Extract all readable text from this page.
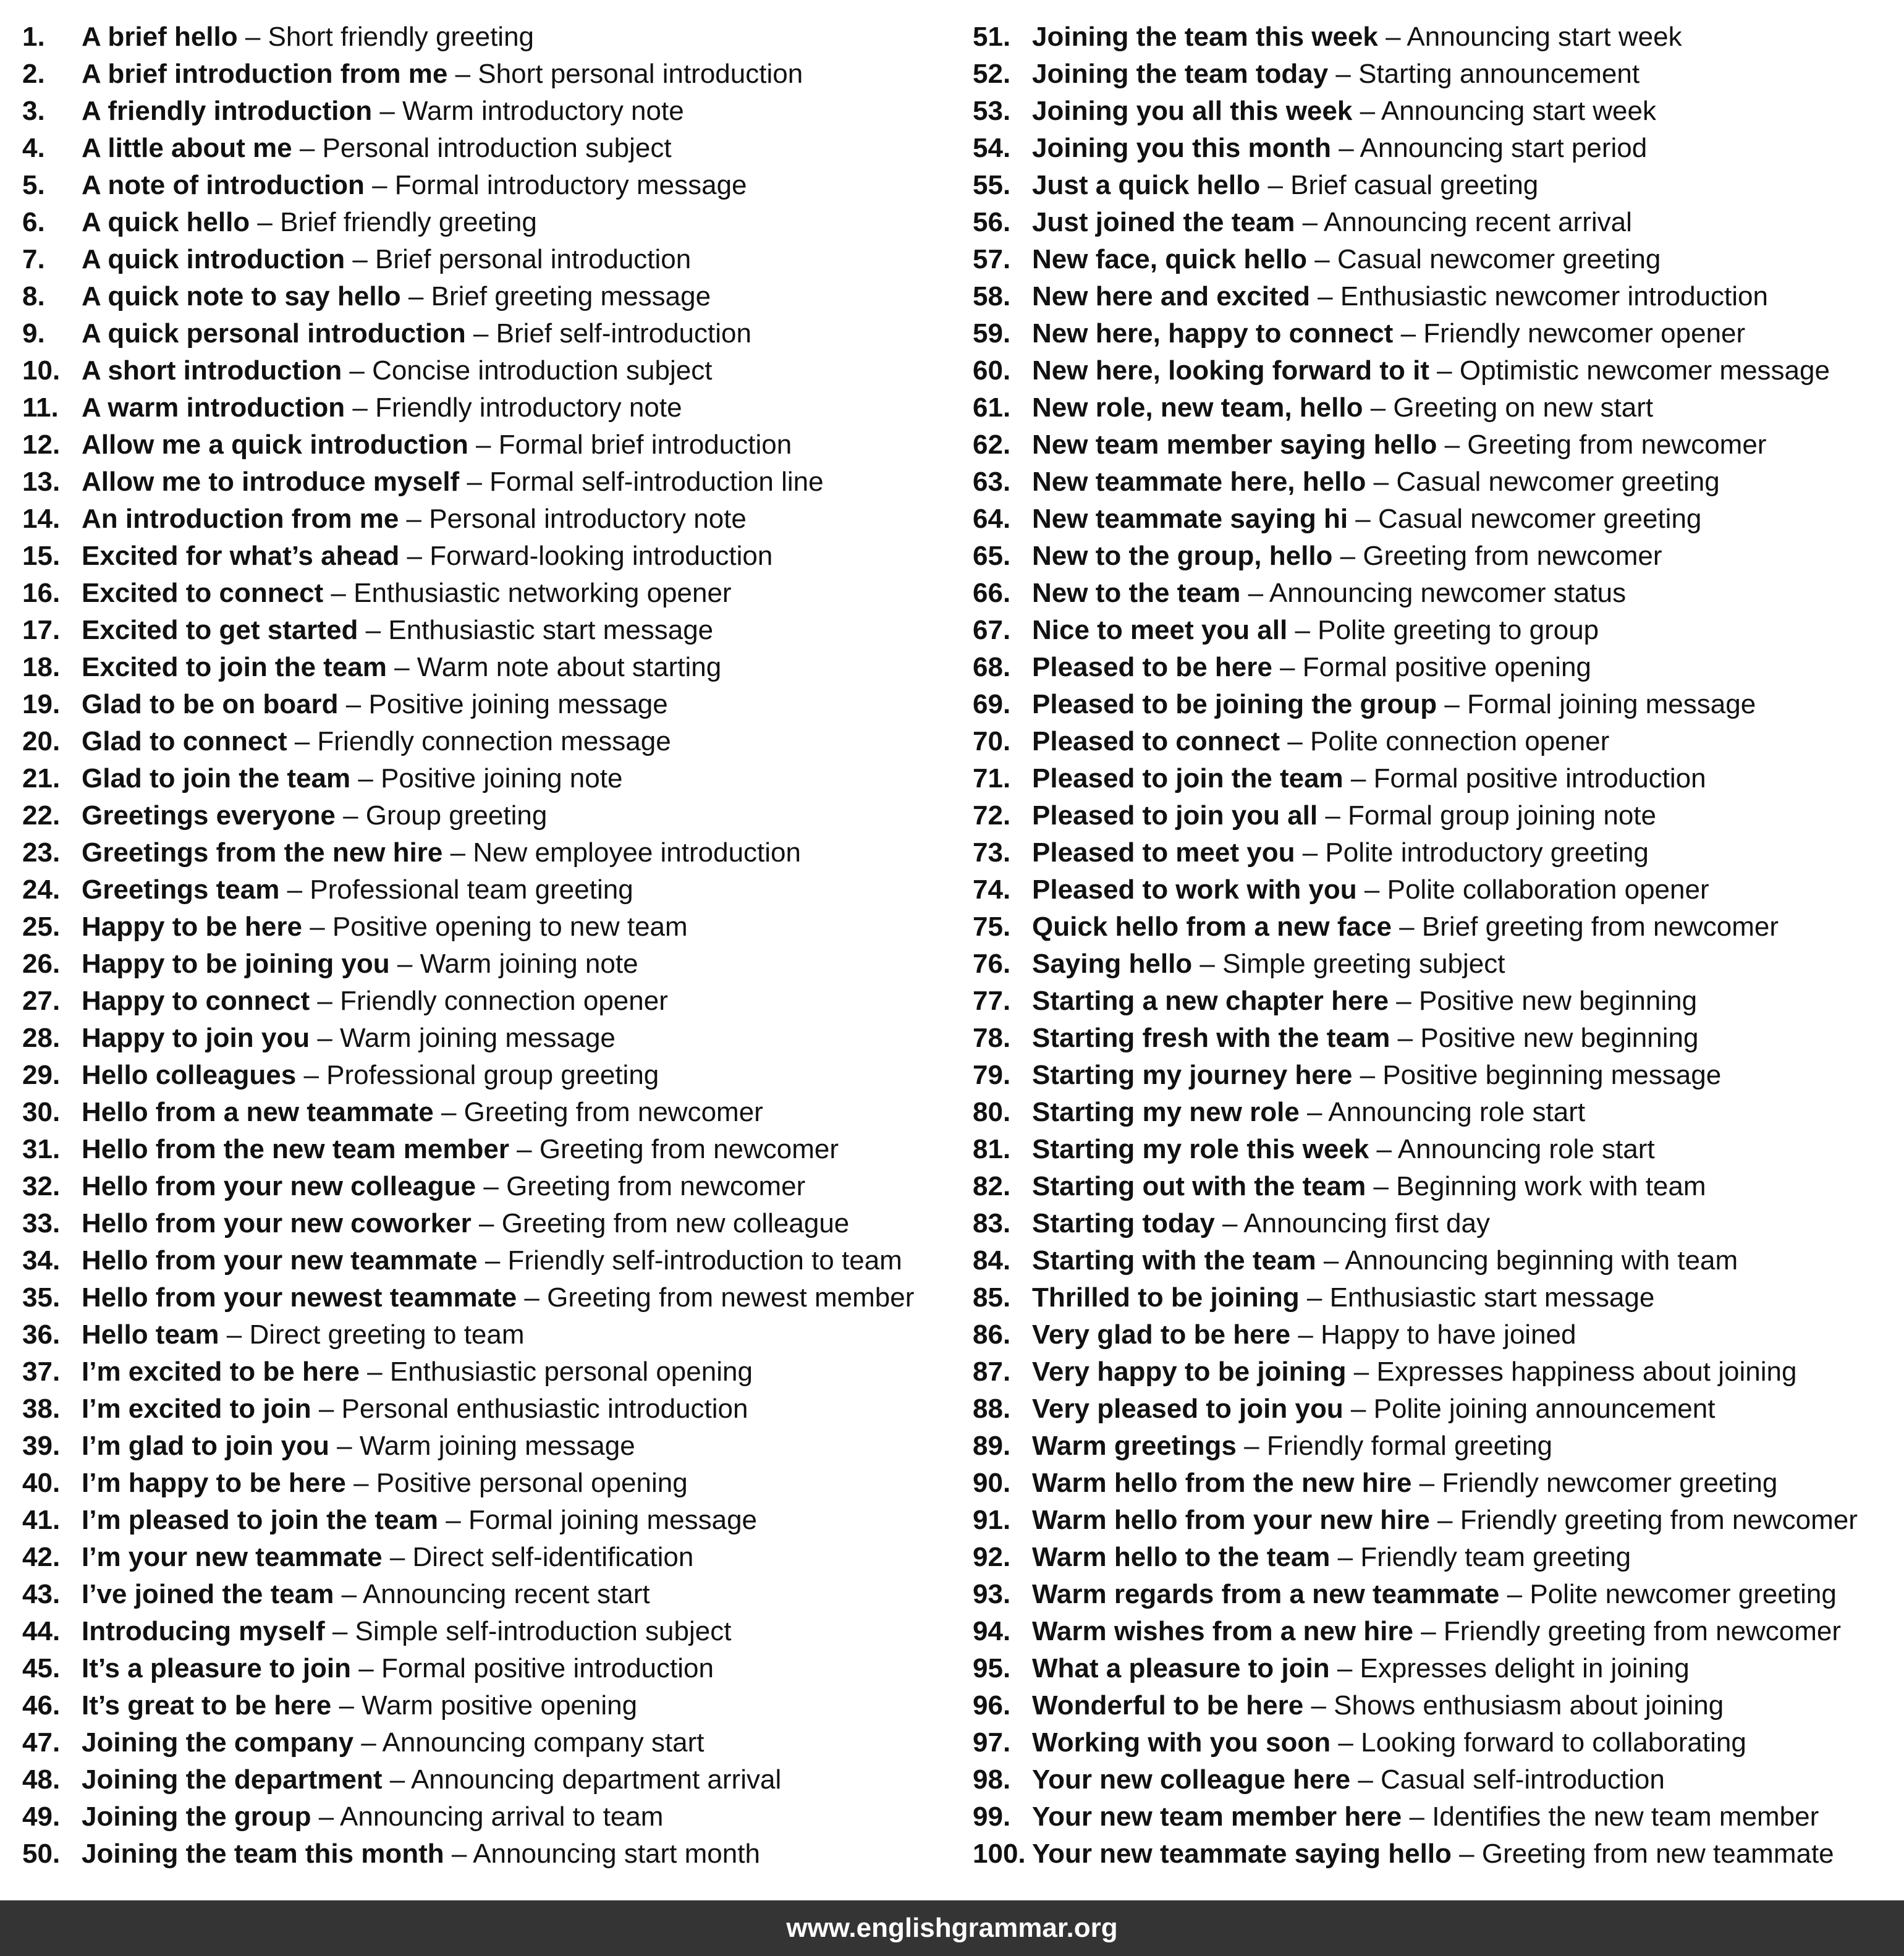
1. A brief hello – Short friendly greeting
2. A brief introduction from me – Short personal introduction
3. A friendly introduction – Warm introductory note
4. A little about me – Personal introduction subject
5. A note of introduction – Formal introductory message
6. A quick hello – Brief friendly greeting
7. A quick introduction – Brief personal introduction
8. A quick note to say hello – Brief greeting message
9. A quick personal introduction – Brief self-introduction
10. A short introduction – Concise introduction subject
11. A warm introduction – Friendly introductory note
12. Allow me a quick introduction – Formal brief introduction
13. Allow me to introduce myself – Formal self-introduction line
14. An introduction from me – Personal introductory note
15. Excited for what’s ahead – Forward-looking introduction
16. Excited to connect – Enthusiastic networking opener
17. Excited to get started – Enthusiastic start message
18. Excited to join the team – Warm note about starting
19. Glad to be on board – Positive joining message
20. Glad to connect – Friendly connection message
21. Glad to join the team – Positive joining note
22. Greetings everyone – Group greeting
23. Greetings from the new hire – New employee introduction
24. Greetings team – Professional team greeting
25. Happy to be here – Positive opening to new team
26. Happy to be joining you – Warm joining note
27. Happy to connect – Friendly connection opener
28. Happy to join you – Warm joining message
29. Hello colleagues – Professional group greeting
30. Hello from a new teammate – Greeting from newcomer
31. Hello from the new team member – Greeting from newcomer
32. Hello from your new colleague – Greeting from newcomer
33. Hello from your new coworker – Greeting from new colleague
34. Hello from your new teammate – Friendly self-introduction to team
35. Hello from your newest teammate – Greeting from newest member
36. Hello team – Direct greeting to team
37. I’m excited to be here – Enthusiastic personal opening
38. I’m excited to join – Personal enthusiastic introduction
39. I’m glad to join you – Warm joining message
40. I’m happy to be here – Positive personal opening
41. I’m pleased to join the team – Formal joining message
42. I’m your new teammate – Direct self-identification
43. I’ve joined the team – Announcing recent start
44. Introducing myself – Simple self-introduction subject
45. It’s a pleasure to join – Formal positive introduction
46. It’s great to be here – Warm positive opening
47. Joining the company – Announcing company start
48. Joining the department – Announcing department arrival
49. Joining the group – Announcing arrival to team
50. Joining the team this month – Announcing start month
51. Joining the team this week – Announcing start week
52. Joining the team today – Starting announcement
53. Joining you all this week – Announcing start week
54. Joining you this month – Announcing start period
55. Just a quick hello – Brief casual greeting
56. Just joined the team – Announcing recent arrival
57. New face, quick hello – Casual newcomer greeting
58. New here and excited – Enthusiastic newcomer introduction
59. New here, happy to connect – Friendly newcomer opener
60. New here, looking forward to it – Optimistic newcomer message
61. New role, new team, hello – Greeting on new start
62. New team member saying hello – Greeting from newcomer
63. New teammate here, hello – Casual newcomer greeting
64. New teammate saying hi – Casual newcomer greeting
65. New to the group, hello – Greeting from newcomer
66. New to the team – Announcing newcomer status
67. Nice to meet you all – Polite greeting to group
68. Pleased to be here – Formal positive opening
69. Pleased to be joining the group – Formal joining message
70. Pleased to connect – Polite connection opener
71. Pleased to join the team – Formal positive introduction
72. Pleased to join you all – Formal group joining note
73. Pleased to meet you – Polite introductory greeting
74. Pleased to work with you – Polite collaboration opener
75. Quick hello from a new face – Brief greeting from newcomer
76. Saying hello – Simple greeting subject
77. Starting a new chapter here – Positive new beginning
78. Starting fresh with the team – Positive new beginning
79. Starting my journey here – Positive beginning message
80. Starting my new role – Announcing role start
81. Starting my role this week – Announcing role start
82. Starting out with the team – Beginning work with team
83. Starting today – Announcing first day
84. Starting with the team – Announcing beginning with team
85. Thrilled to be joining – Enthusiastic start message
86. Very glad to be here – Happy to have joined
87. Very happy to be joining – Expresses happiness about joining
88. Very pleased to join you – Polite joining announcement
89. Warm greetings – Friendly formal greeting
90. Warm hello from the new hire – Friendly newcomer greeting
91. Warm hello from your new hire – Friendly greeting from newcomer
92. Warm hello to the team – Friendly team greeting
93. Warm regards from a new teammate – Polite newcomer greeting
94. Warm wishes from a new hire – Friendly greeting from newcomer
95. What a pleasure to join – Expresses delight in joining
96. Wonderful to be here – Shows enthusiasm about joining
97. Working with you soon – Looking forward to collaborating
98. Your new colleague here – Casual self-introduction
99. Your new team member here – Identifies the new team member
100. Your new teammate saying hello – Greeting from new teammate
www.englishgrammar.org
